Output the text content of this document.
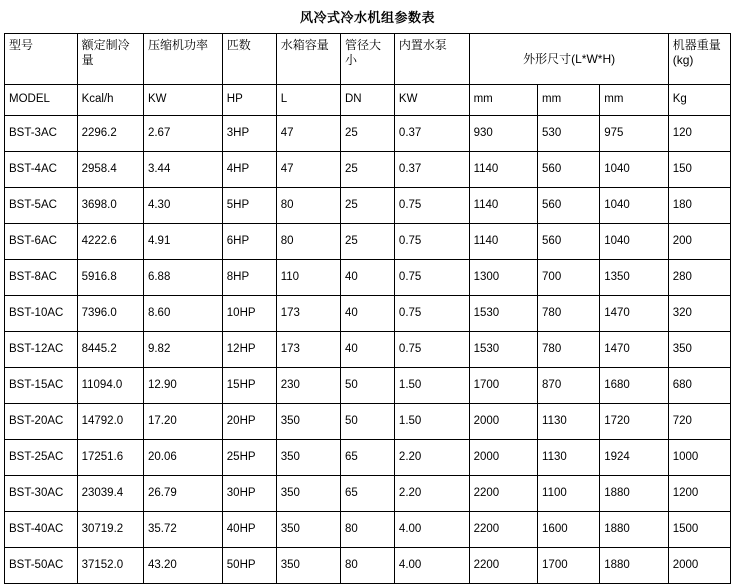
风冷式冷水机组参数表
型号	额定制冷量	压缩机功率	匹数	水箱容量	管径大小	内置水泵	外形尺寸(L*W*H)			机器重量(kg)
MODEL	Kcal/h	KW	HP	L	DN	KW	mm	mm	mm	Kg
BST-3AC	2296.2	2.67	3HP	47	25	0.37	930	530	975	120
BST-4AC	2958.4	3.44	4HP	47	25	0.37	1140	560	1040	150
BST-5AC	3698.0	4.30	5HP	80	25	0.75	1140	560	1040	180
BST-6AC	4222.6	4.91	6HP	80	25	0.75	1140	560	1040	200
BST-8AC	5916.8	6.88	8HP	110	40	0.75	1300	700	1350	280
BST-10AC	7396.0	8.60	10HP	173	40	0.75	1530	780	1470	320
BST-12AC	8445.2	9.82	12HP	173	40	0.75	1530	780	1470	350
BST-15AC	11094.0	12.90	15HP	230	50	1.50	1700	870	1680	680
BST-20AC	14792.0	17.20	20HP	350	50	1.50	2000	1130	1720	720
BST-25AC	17251.6	20.06	25HP	350	65	2.20	2000	1130	1924	1000
BST-30AC	23039.4	26.79	30HP	350	65	2.20	2200	1100	1880	1200
BST-40AC	30719.2	35.72	40HP	350	80	4.00	2200	1600	1880	1500
BST-50AC	37152.0	43.20	50HP	350	80	4.00	2200	1700	1880	2000
